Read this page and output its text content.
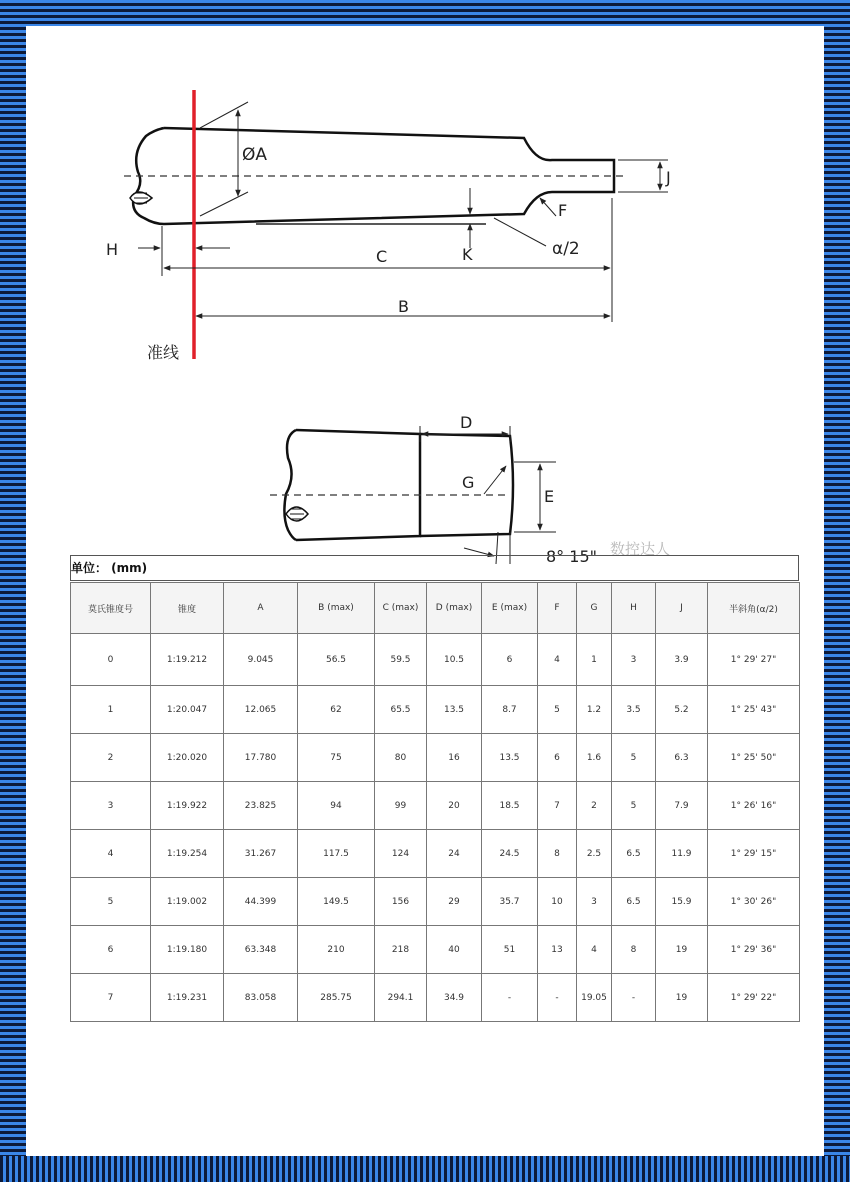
ØA
J
F
α/2
H	K
C
B
准线
D
G
E
8° 15" 数控达人
单位： (mm)
莫氏锥度号	锥度	A	B (max)	C (max)	D (max)	E (max)	F	G	H	J	半斜角(α/2)
0	1:19.212	9.045	56.5	59.5	10.5	6	4	1	3	3.9	1° 29' 27"
1	1:20.047	12.065	62	65.5	13.5	8.7	5	1.2	3.5	5.2	1° 25' 43"
2	1:20.020	17.780	75	80	16	13.5	6	1.6	5	6.3	1° 25' 50"
3	1:19.922	23.825	94	99	20	18.5	7	2	5	7.9	1° 26' 16"
4	1:19.254	31.267	117.5	124	24	24.5	8	2.5	6.5	11.9	1° 29' 15"
5	1:19.002	44.399	149.5	156	29	35.7	10	3	6.5	15.9	1° 30' 26"
6	1:19.180	63.348	210	218	40	51	13	4	8	19	1° 29' 36"
7	1:19.231	83.058	285.75	294.1	34.9	-	-	19.05	-	19	1° 29' 22"
